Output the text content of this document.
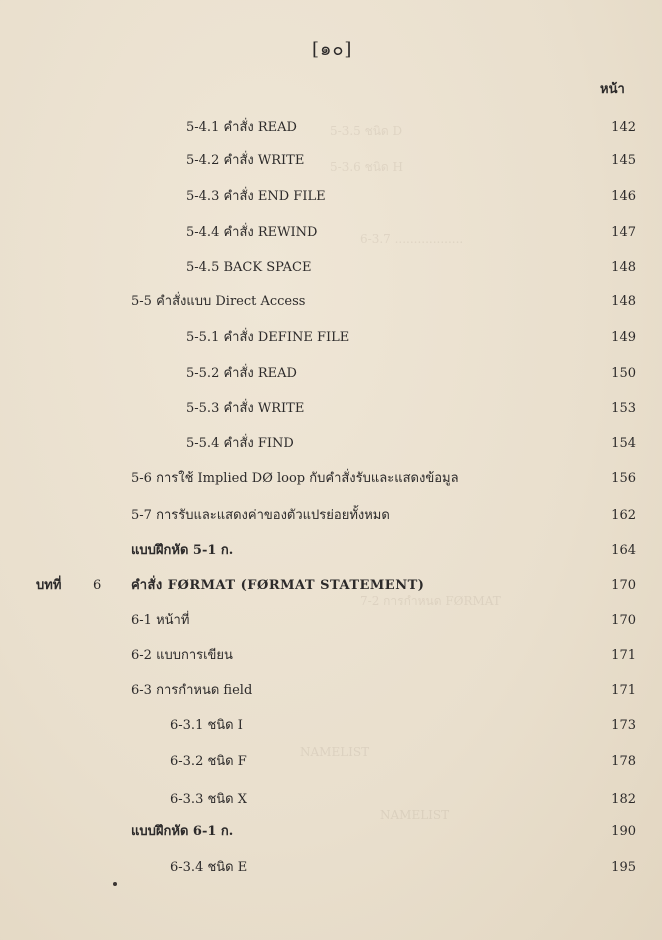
5-3.5 ชนิด D
5-3.6 ชนิด H
6-3.7 ..................
7-2 การกำหนด FØRMAT
NAMELIST
NAMELIST
[๑๐]
หน้า
5-4.1 คำสั่ง READ	142
5-4.2 คำสั่ง WRITE	145
5-4.3 คำสั่ง END FILE	146
5-4.4 คำสั่ง REWIND	147
5-4.5 BACK SPACE	148
5-5 คำสั่งแบบ Direct Access	148
5-5.1 คำสั่ง DEFINE FILE	149
5-5.2 คำสั่ง READ	150
5-5.3 คำสั่ง WRITE	153
5-5.4 คำสั่ง FIND	154
5-6 การใช้ Implied DØ loop กับคำสั่งรับและแสดงข้อมูล	156
5-7 การรับและแสดงค่าของตัวแปรย่อยทั้งหมด	162
แบบฝึกหัด 5-1 ก.	164
บทที่ 6 คำสั่ง FØRMAT (FØRMAT STATEMENT)	170
6-1 หน้าที่	170
6-2 แบบการเขียน	171
6-3 การกำหนด field	171
6-3.1 ชนิด I	173
6-3.2 ชนิด F	178
6-3.3 ชนิด X	182
แบบฝึกหัด 6-1 ก.	190
6-3.4 ชนิด E	195
